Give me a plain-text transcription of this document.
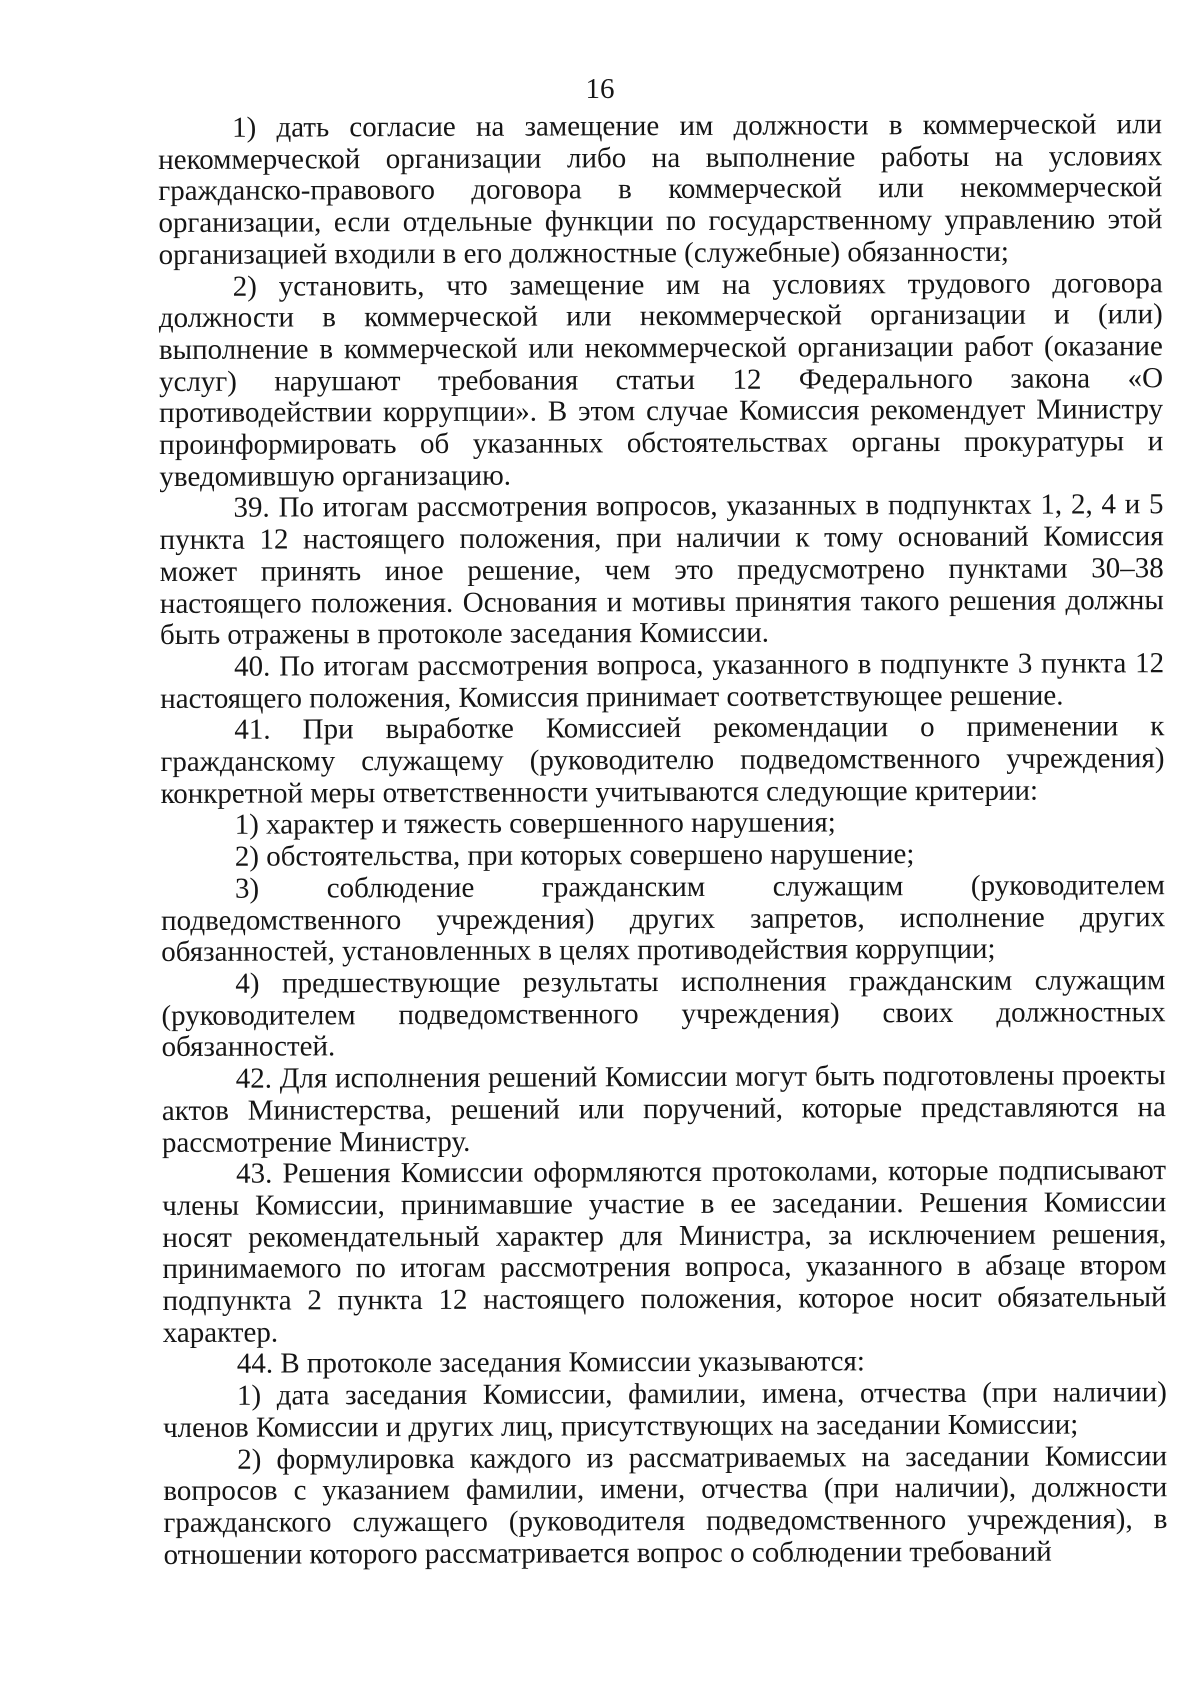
16

1) дать согласие на замещение им должности в коммерческой или некоммерческой организации либо на выполнение работы на условиях гражданско-правового договора в коммерческой или некоммерческой организации, если отдельные функции по государственному управлению этой организацией входили в его должностные (служебные) обязанности;

2) установить, что замещение им на условиях трудового договора должности в коммерческой или некоммерческой организации и (или) выполнение в коммерческой или некоммерческой организации работ (оказание услуг) нарушают требования статьи 12 Федерального закона «О противодействии коррупции». В этом случае Комиссия рекомендует Министру проинформировать об указанных обстоятельствах органы прокуратуры и уведомившую организацию.

39. По итогам рассмотрения вопросов, указанных в подпунктах 1, 2, 4 и 5 пункта 12 настоящего положения, при наличии к тому оснований Комиссия может принять иное решение, чем это предусмотрено пунктами 30–38 настоящего положения. Основания и мотивы принятия такого решения должны быть отражены в протоколе заседания Комиссии.

40. По итогам рассмотрения вопроса, указанного в подпункте 3 пункта 12 настоящего положения, Комиссия принимает соответствующее решение.

41. При выработке Комиссией рекомендации о применении к гражданскому служащему (руководителю подведомственного учреждения) конкретной меры ответственности учитываются следующие критерии:

1) характер и тяжесть совершенного нарушения;

2) обстоятельства, при которых совершено нарушение;

3) соблюдение гражданским служащим (руководителем подведомственного учреждения) других запретов, исполнение других обязанностей, установленных в целях противодействия коррупции;

4) предшествующие результаты исполнения гражданским служащим (руководителем подведомственного учреждения) своих должностных обязанностей.

42. Для исполнения решений Комиссии могут быть подготовлены проекты актов Министерства, решений или поручений, которые представляются на рассмотрение Министру.

43. Решения Комиссии оформляются протоколами, которые подписывают члены Комиссии, принимавшие участие в ее заседании. Решения Комиссии носят рекомендательный характер для Министра, за исключением решения, принимаемого по итогам рассмотрения вопроса, указанного в абзаце втором подпункта 2 пункта 12 настоящего положения, которое носит обязательный характер.

44. В протоколе заседания Комиссии указываются:

1) дата заседания Комиссии, фамилии, имена, отчества (при наличии) членов Комиссии и других лиц, присутствующих на заседании Комиссии;

2) формулировка каждого из рассматриваемых на заседании Комиссии вопросов с указанием фамилии, имени, отчества (при наличии), должности гражданского служащего (руководителя подведомственного учреждения), в отношении которого рассматривается вопрос о соблюдении требований
